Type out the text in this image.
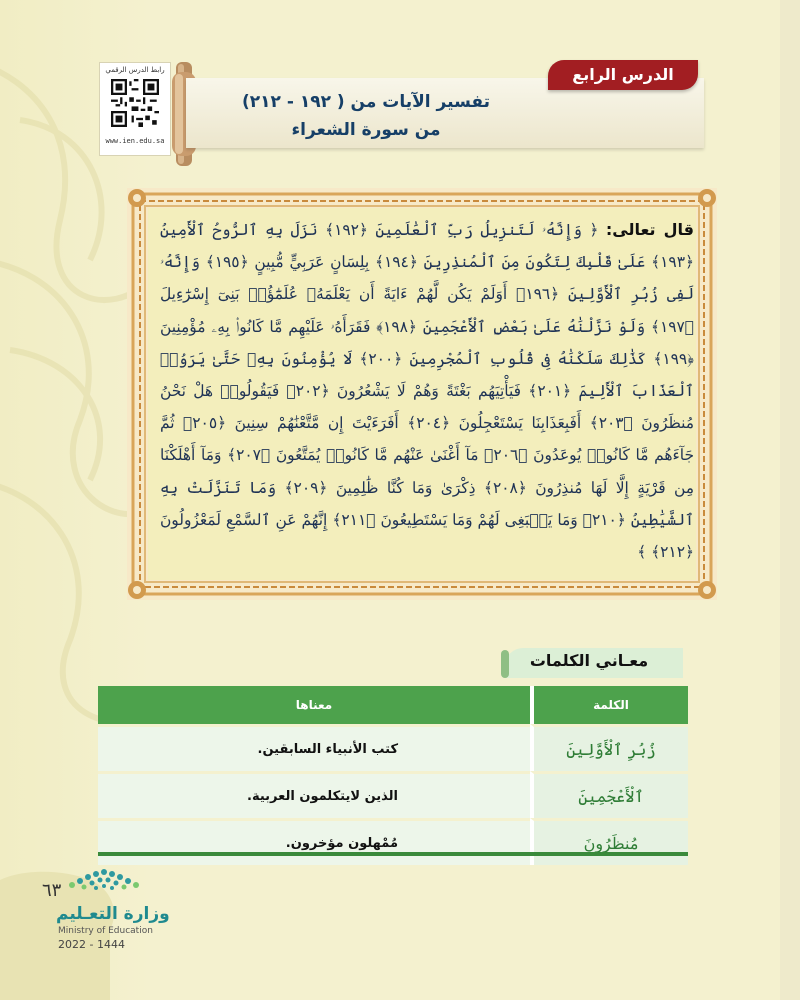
رابط الدرس الرقمي
www.ien.edu.sa
تفسير الآيات من ( ١٩٢ - ٢١٢)
من سورة الشعراء
الدرس الرابع
قال تعالى: ﴿ وَإِنَّهُۥ لَتَنزِيلُ رَبِّ ٱلْعَٰلَمِينَ ﴿١٩٢﴾ نَزَلَ بِهِ ٱلرُّوحُ ٱلْأَمِينُ ﴿١٩٣﴾ عَلَىٰ قَلْبِكَ لِتَكُونَ مِنَ ٱلْمُنذِرِينَ ﴿١٩٤﴾ بِلِسَانٍ عَرَبِيٍّ مُّبِينٍ ﴿١٩٥﴾ وَإِنَّهُۥ لَفِى زُبُرِ ٱلْأَوَّلِينَ ﴿١٩٦﴾ أَوَلَمْ يَكُن لَّهُمْ ءَايَةً أَن يَعْلَمَهُۥ عُلَمَٰٓؤُا۟ بَنِىٓ إِسْرَٰٓءِيلَ ﴿١٩٧﴾ وَلَوْ نَزَّلْنَٰهُ عَلَىٰ بَعْضِ ٱلْأَعْجَمِينَ ﴿١٩٨﴾ فَقَرَأَهُۥ عَلَيْهِم مَّا كَانُوا۟ بِهِۦ مُؤْمِنِينَ ﴿١٩٩﴾ كَذَٰلِكَ سَلَكْنَٰهُ فِى قُلُوبِ ٱلْمُجْرِمِينَ ﴿٢٠٠﴾ لَا يُؤْمِنُونَ بِهِۦ حَتَّىٰ يَرَوُا۟ ٱلْعَذَابَ ٱلْأَلِيمَ ﴿٢٠١﴾ فَيَأْتِيَهُم بَغْتَةً وَهُمْ لَا يَشْعُرُونَ ﴿٢٠٢﴾ فَيَقُولُوا۟ هَلْ نَحْنُ مُنظَرُونَ ﴿٢٠٣﴾ أَفَبِعَذَابِنَا يَسْتَعْجِلُونَ ﴿٢٠٤﴾ أَفَرَءَيْتَ إِن مَّتَّعْنَٰهُمْ سِنِينَ ﴿٢٠٥﴾ ثُمَّ جَآءَهُم مَّا كَانُوا۟ يُوعَدُونَ ﴿٢٠٦﴾ مَآ أَغْنَىٰ عَنْهُم مَّا كَانُوا۟ يُمَتَّعُونَ ﴿٢٠٧﴾ وَمَآ أَهْلَكْنَا مِن قَرْيَةٍ إِلَّا لَهَا مُنذِرُونَ ﴿٢٠٨﴾ ذِكْرَىٰ وَمَا كُنَّا ظَٰلِمِينَ ﴿٢٠٩﴾ وَمَا تَنَزَّلَتْ بِهِ ٱلشَّيَٰطِينُ ﴿٢١٠﴾ وَمَا يَنۢبَغِى لَهُمْ وَمَا يَسْتَطِيعُونَ ﴿٢١١﴾ إِنَّهُمْ عَنِ ٱلسَّمْعِ لَمَعْزُولُونَ ﴿٢١٢﴾ ﴾
معـاني الكلمات
الكلمة	معناها
زُبُرِ ٱلْأَوَّلِينَ	كتب الأنبياء السابقين.
ٱلْأَعْجَمِينَ	الذين لايتكلمون العربية.
مُنظَرُونَ	مُمْهلون مؤخرون.
٦٣
وزارة التعـليم
Ministry of Education
2022 - 1444
